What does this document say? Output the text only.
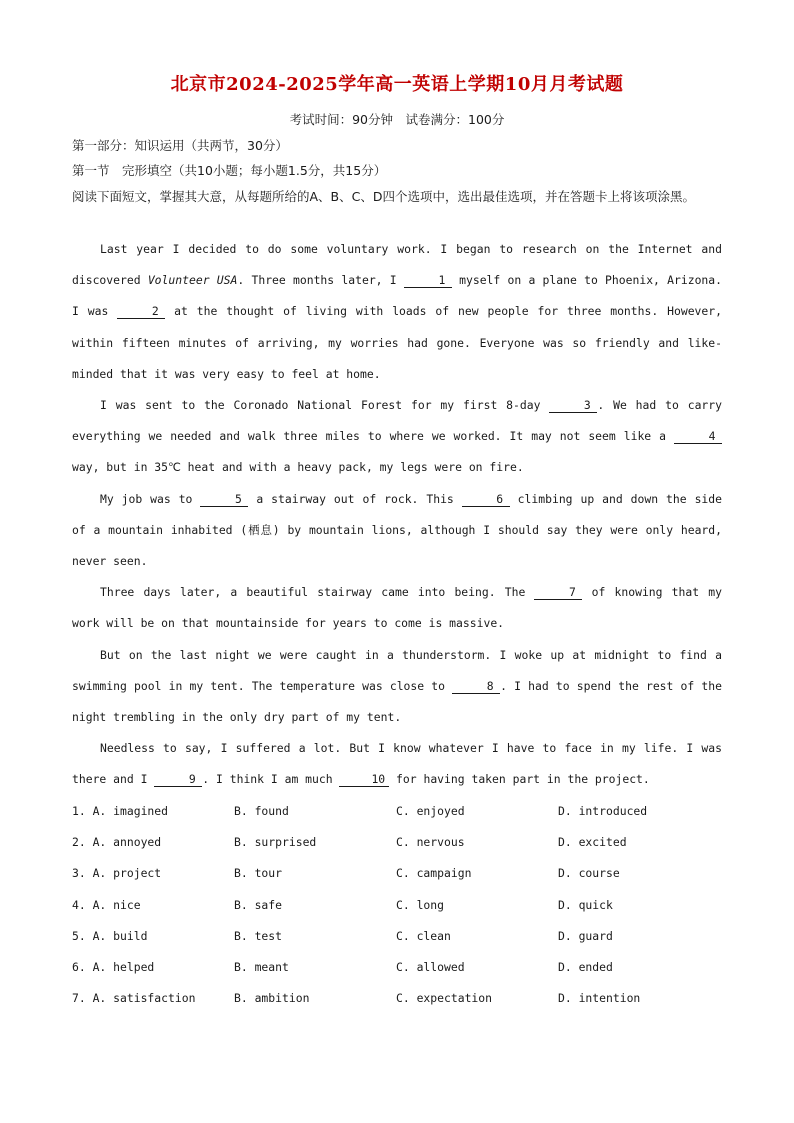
北京市2024-2025学年高一英语上学期10月月考试题
考试时间：90分钟　试卷满分：100分
第一部分：知识运用（共两节，30分）
第一节　完形填空（共10小题；每小题1.5分，共15分）
阅读下面短文，掌握其大意，从每题所给的A、B、C、D四个选项中，选出最佳选项，并在答题卡上将该项涂黑。

Last year I decided to do some voluntary work. I began to research on the Internet and discovered Volunteer USA. Three months later, I	1 myself on a plane to Phoenix, Arizona. I was	2 at the thought of living with loads of new people for three months. However, within fifteen minutes of arriving, my worries had gone. Everyone was so friendly and like-minded that it was very easy to feel at home.

I was sent to the Coronado National Forest for my first 8-day	3 . We had to carry everything we needed and walk three miles to where we worked. It may not seem like a	4 way, but in 35℃ heat and with a heavy pack, my legs were on fire.

My job was to	5 a stairway out of rock. This	6 climbing up and down the side of a mountain inhabited (栖息) by mountain lions, although I should say they were only heard, never seen.

Three days later, a beautiful stairway came into being. The	7 of knowing that my work will be on that mountainside for years to come is massive.

But on the last night we were caught in a thunderstorm. I woke up at midnight to find a swimming pool in my tent. The temperature was close to	8 . I had to spend the rest of the night trembling in the only dry part of my tent.

Needless to say, I suffered a lot. But I know whatever I have to face in my life. I was there and I	9 . I think I am much	10 for having taken part in the project.

1. A. imagined	B. found	C. enjoyed	D. introduced
2. A. annoyed	B. surprised	C. nervous	D. excited
3. A. project	B. tour	C. campaign	D. course
4. A. nice	B. safe	C. long	D. quick
5. A. build	B. test	C. clean	D. guard
6. A. helped	B. meant	C. allowed	D. ended
7. A. satisfaction	B. ambition	C. expectation	D. intention
